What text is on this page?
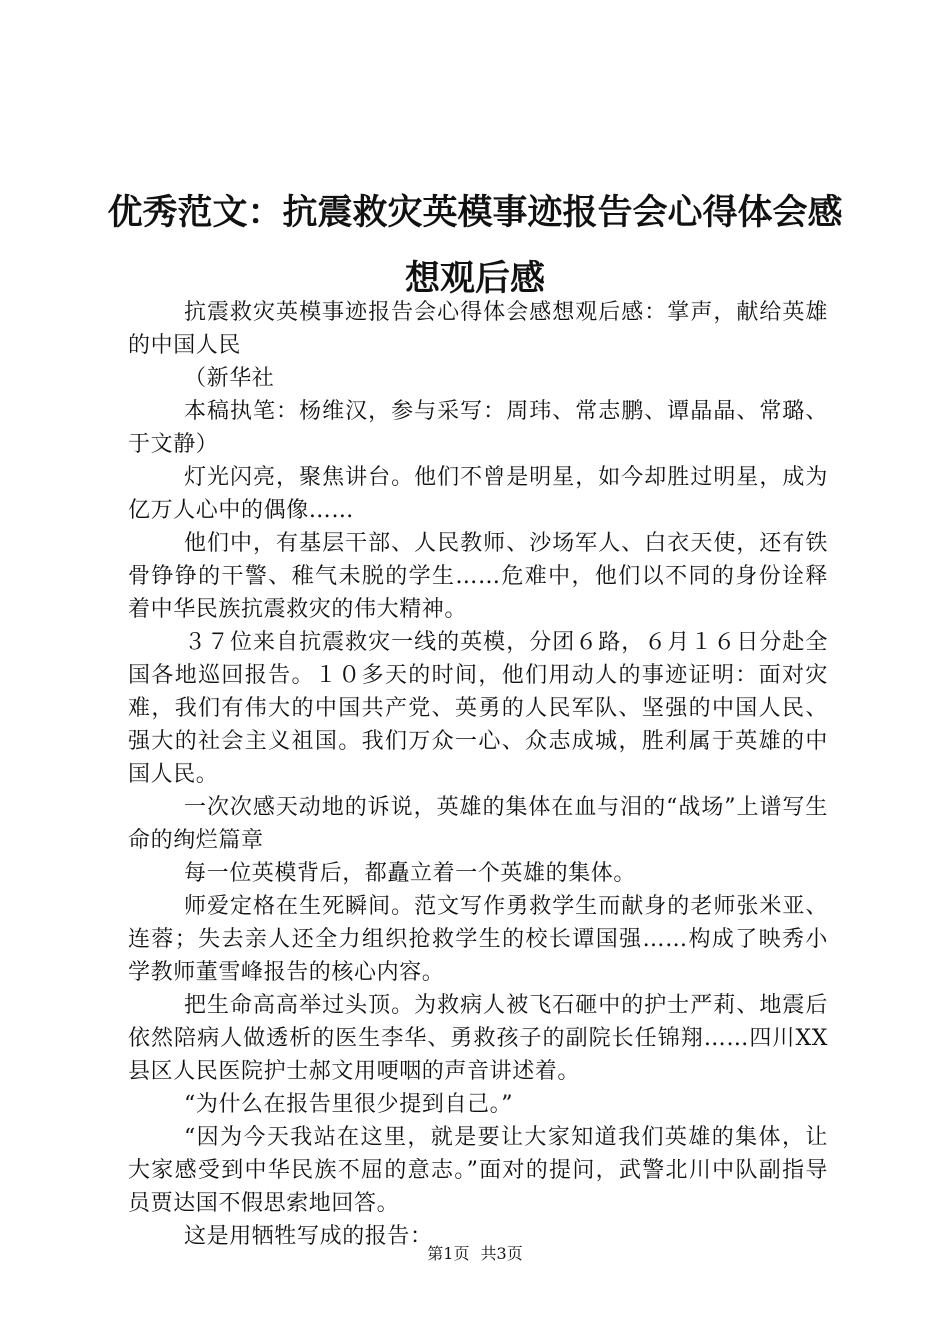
优秀范文：抗震救灾英模事迹报告会心得体会感想观后感

抗震救灾英模事迹报告会心得体会感想观后感：掌声，献给英雄的中国人民

（新华社

本稿执笔：杨维汉，参与采写：周玮、常志鹏、谭晶晶、常璐、于文静）

灯光闪亮，聚焦讲台。他们不曾是明星，如今却胜过明星，成为亿万人心中的偶像……

他们中，有基层干部、人民教师、沙场军人、白衣天使，还有铁骨铮铮的干警、稚气未脱的学生……危难中，他们以不同的身份诠释着中华民族抗震救灾的伟大精神。

３７位来自抗震救灾一线的英模，分团６路，６月１６日分赴全国各地巡回报告。１０多天的时间，他们用动人的事迹证明：面对灾难，我们有伟大的中国共产党、英勇的人民军队、坚强的中国人民、强大的社会主义祖国。我们万众一心、众志成城，胜利属于英雄的中国人民。

一次次感天动地的诉说，英雄的集体在血与泪的“战场”上谱写生命的绚烂篇章

每一位英模背后，都矗立着一个英雄的集体。

师爱定格在生死瞬间。范文写作勇救学生而献身的老师张米亚、连蓉；失去亲人还全力组织抢救学生的校长谭国强……构成了映秀小学教师董雪峰报告的核心内容。

把生命高高举过头顶。为救病人被飞石砸中的护士严莉、地震后依然陪病人做透析的医生李华、勇救孩子的副院长任锦翔……四川XX县区人民医院护士郝文用哽咽的声音讲述着。

“为什么在报告里很少提到自己。”

“因为今天我站在这里，就是要让大家知道我们英雄的集体，让大家感受到中华民族不屈的意志。”面对的提问，武警北川中队副指导员贾达国不假思索地回答。

这是用牺牲写成的报告：

第1页 共3页
